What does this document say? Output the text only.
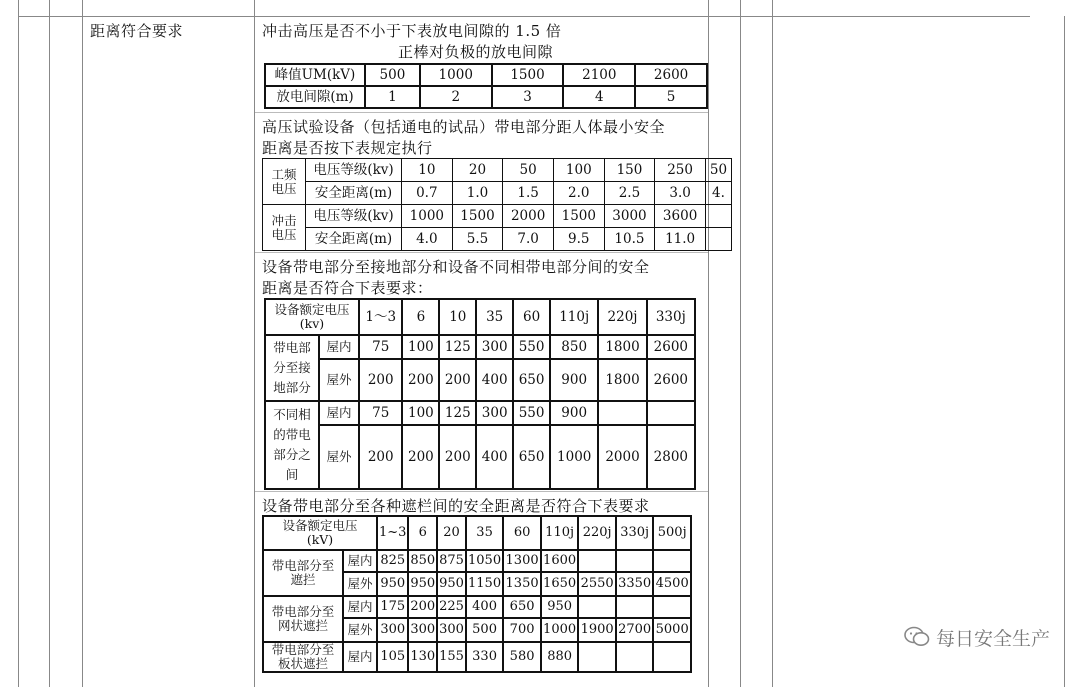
距离符合要求	冲击高压是否不小于下表放电间隙的 1.5 倍
正棒对负极的放电间隙
峰值UM(kV)	500	1000	1500	2100	2600
放电间隙(m)	1	2	3	4	5
高压试验设备（包括通电的试品）带电部分距人体最小安全
距离是否按下表规定执行
工频
电压	电压等级(kv)	10	20	50	100	150	250	50
	安全距离(m)	0.7	1.0	1.5	2.0	2.5	3.0	4.
冲击
电压	电压等级(kv)	1000	1500	2000	1500	3000	3600	
	安全距离(m)	4.0	5.5	7.0	9.5	10.5	11.0	
设备带电部分至接地部分和设备不同相带电部分间的安全
距离是否符合下表要求：
设备额定电压
(kv)		1～3	6	10	35	60	110j	220j	330j
带电部
分至接
地部分	屋内	75	100	125	300	550	850	1800	2600
	屋外	200	200	200	400	650	900	1800	2600
不同相
的带电
部分之
间	屋内	75	100	125	300	550	900		
	屋外	200	200	200	400	650	1000	2000	2800
设备带电部分至各种遮栏间的安全距离是否符合下表要求
设备额定电压
(kV)		1~3	6	20	35	60	110j	220j	330j	500j
带电部分至
遮拦	屋内	825	850	875	1050	1300	1600			
	屋外	950	950	950	1150	1350	1650	2550	3350	4500
带电部分至
网状遮拦	屋内	175	200	225	400	650	950			
	屋外	300	300	300	500	700	1000	1900	2700	5000
带电部分至
板状遮拦	屋内	105	130	155	330	580	880			
每日安全生产
